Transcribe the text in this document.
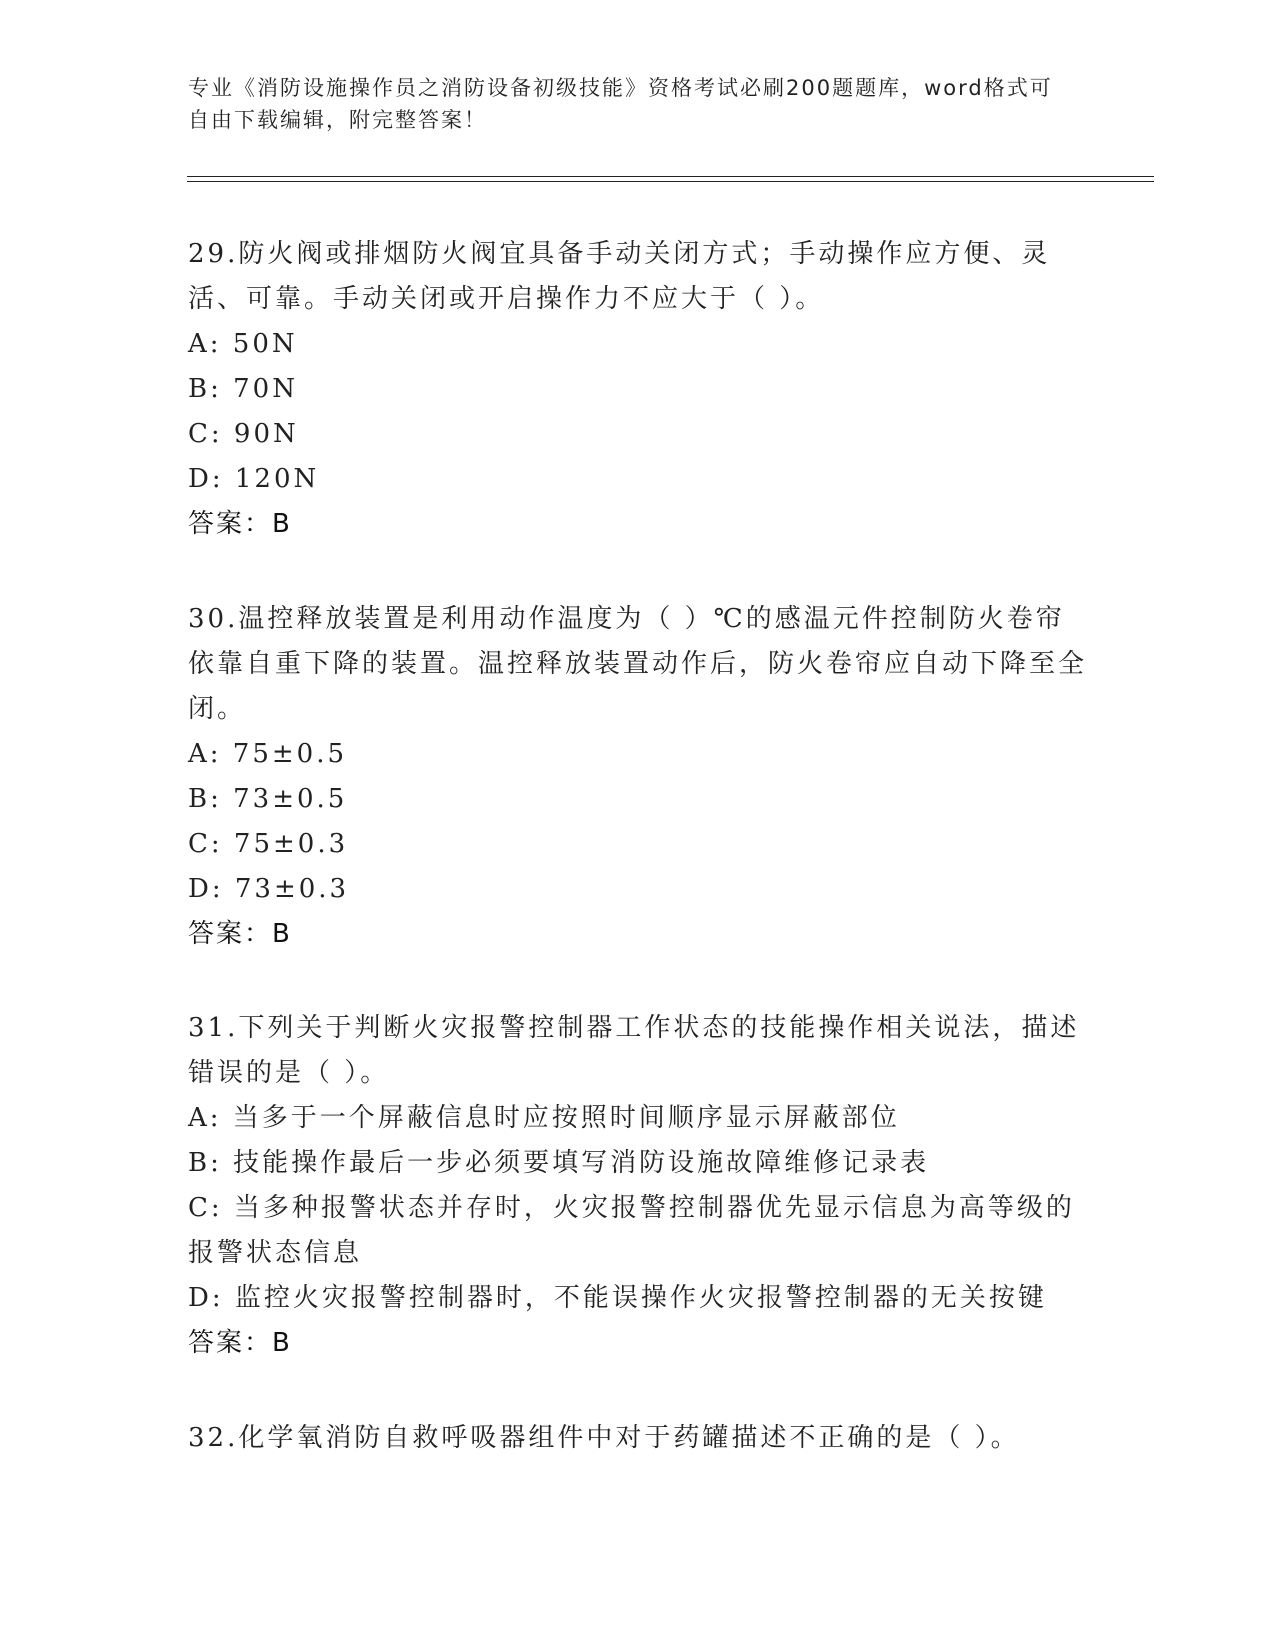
专业《消防设施操作员之消防设备初级技能》资格考试必刷200题题库，word格式可自由下载编辑，附完整答案！

29.防火阀或排烟防火阀宜具备手动关闭方式；手动操作应方便、灵活、可靠。手动关闭或开启操作力不应大于（ ）。

A: 50N

B: 70N

C: 90N

D: 120N

答案：B

30.温控释放装置是利用动作温度为（ ）℃的感温元件控制防火卷帘依靠自重下降的装置。温控释放装置动作后，防火卷帘应自动下降至全闭。

A: 75±0.5

B: 73±0.5

C: 75±0.3

D: 73±0.3

答案：B

31.下列关于判断火灾报警控制器工作状态的技能操作相关说法，描述错误的是（ ）。

A: 当多于一个屏蔽信息时应按照时间顺序显示屏蔽部位

B: 技能操作最后一步必须要填写消防设施故障维修记录表

C: 当多种报警状态并存时，火灾报警控制器优先显示信息为高等级的报警状态信息

D: 监控火灾报警控制器时，不能误操作火灾报警控制器的无关按键

答案：B

32.化学氧消防自救呼吸器组件中对于药罐描述不正确的是（ ）。
